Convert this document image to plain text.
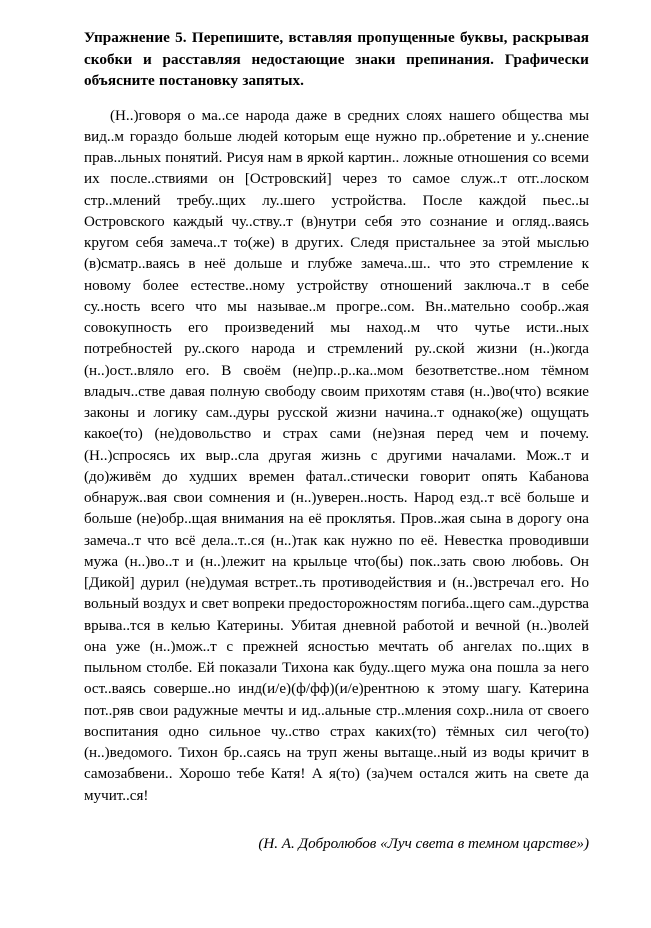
Упражнение 5. Перепишите, вставляя пропущенные буквы, раскрывая скобки и расставляя недостающие знаки препинания. Графически объясните постановку запятых.

(Н..)говоря о ма..се народа даже в средних слоях нашего общества мы вид..м гораздо больше людей которым еще нужно пр..обретение и у..снение прав..льных понятий. Рисуя нам в яркой картин.. ложные отношения со всеми их после..ствиями он [Островский] через то самое служ..т отг..лоском стр..млений требу..щих лу..шего устройства. После каждой пьес..ы Островского каждый чу..ству..т (в)нутри себя это сознание и огляд..ваясь кругом себя замеча..т то(же) в других. Следя пристальнее за этой мыслью (в)сматр..ваясь в неё дольше и глубже замеча..ш.. что это стремление к новому более естестве..ному устройству отношений заключа..т в себе су..ность всего что мы называе..м прогре..сом. Вн..мательно сообр..жая совокупность его произведений мы наход..м что чутье исти..ных потребностей ру..ского народа и стремлений ру..ской жизни (н..)когда (н..)ост..вляло его. В своём (не)пр..р..ка..мом безответстве..ном тёмном владыч..стве давая полную свободу своим прихотям ставя (н..)во(что) всякие законы и логику сам..дуры русской жизни начина..т однако(же) ощущать какое(то) (не)довольство и страх сами (не)зная перед чем и почему. (Н..)спросясь их выр..сла другая жизнь с другими началами. Мож..т и (до)живём до худших времен фатал..стически говорит опять Кабанова обнаруж..вая свои сомнения и (н..)уверен..ность. Народ езд..т всё больше и больше (не)обр..щая внимания на её проклятья. Пров..жая сына в дорогу она замеча..т что всё дела..т..ся (н..)так как нужно по её. Невестка проводивши мужа (н..)во..т и (н..)лежит на крыльце что(бы) пок..зать свою любовь. Он [Дикой] дурил (не)думая встрет..ть противодействия и (н..)встречал его. Но вольный воздух и свет вопреки предосторожностям погиба..щего сам..дурства врыва..тся в келью Катерины. Убитая дневной работой и вечной (н..)волей она уже (н..)мож..т с прежней ясностью мечтать об ангелах по..щих в пыльном столбе. Ей показали Тихона как буду..щего мужа она пошла за него ост..ваясь соверше..но инд(и/е)(ф/фф)(и/е)рентною к этому шагу. Катерина пот..ряв свои радужные мечты и ид..альные стр..мления сохр..нила от своего воспитания одно сильное чу..ство страх каких(то) тёмных сил чего(то) (н..)ведомого. Тихон бр..саясь на труп жены вытаще..ный из воды кричит в самозабвени.. Хорошо тебе Катя! А я(то) (за)чем остался жить на свете да мучит..ся!

(Н. А. Добролюбов «Луч света в темном царстве»)
